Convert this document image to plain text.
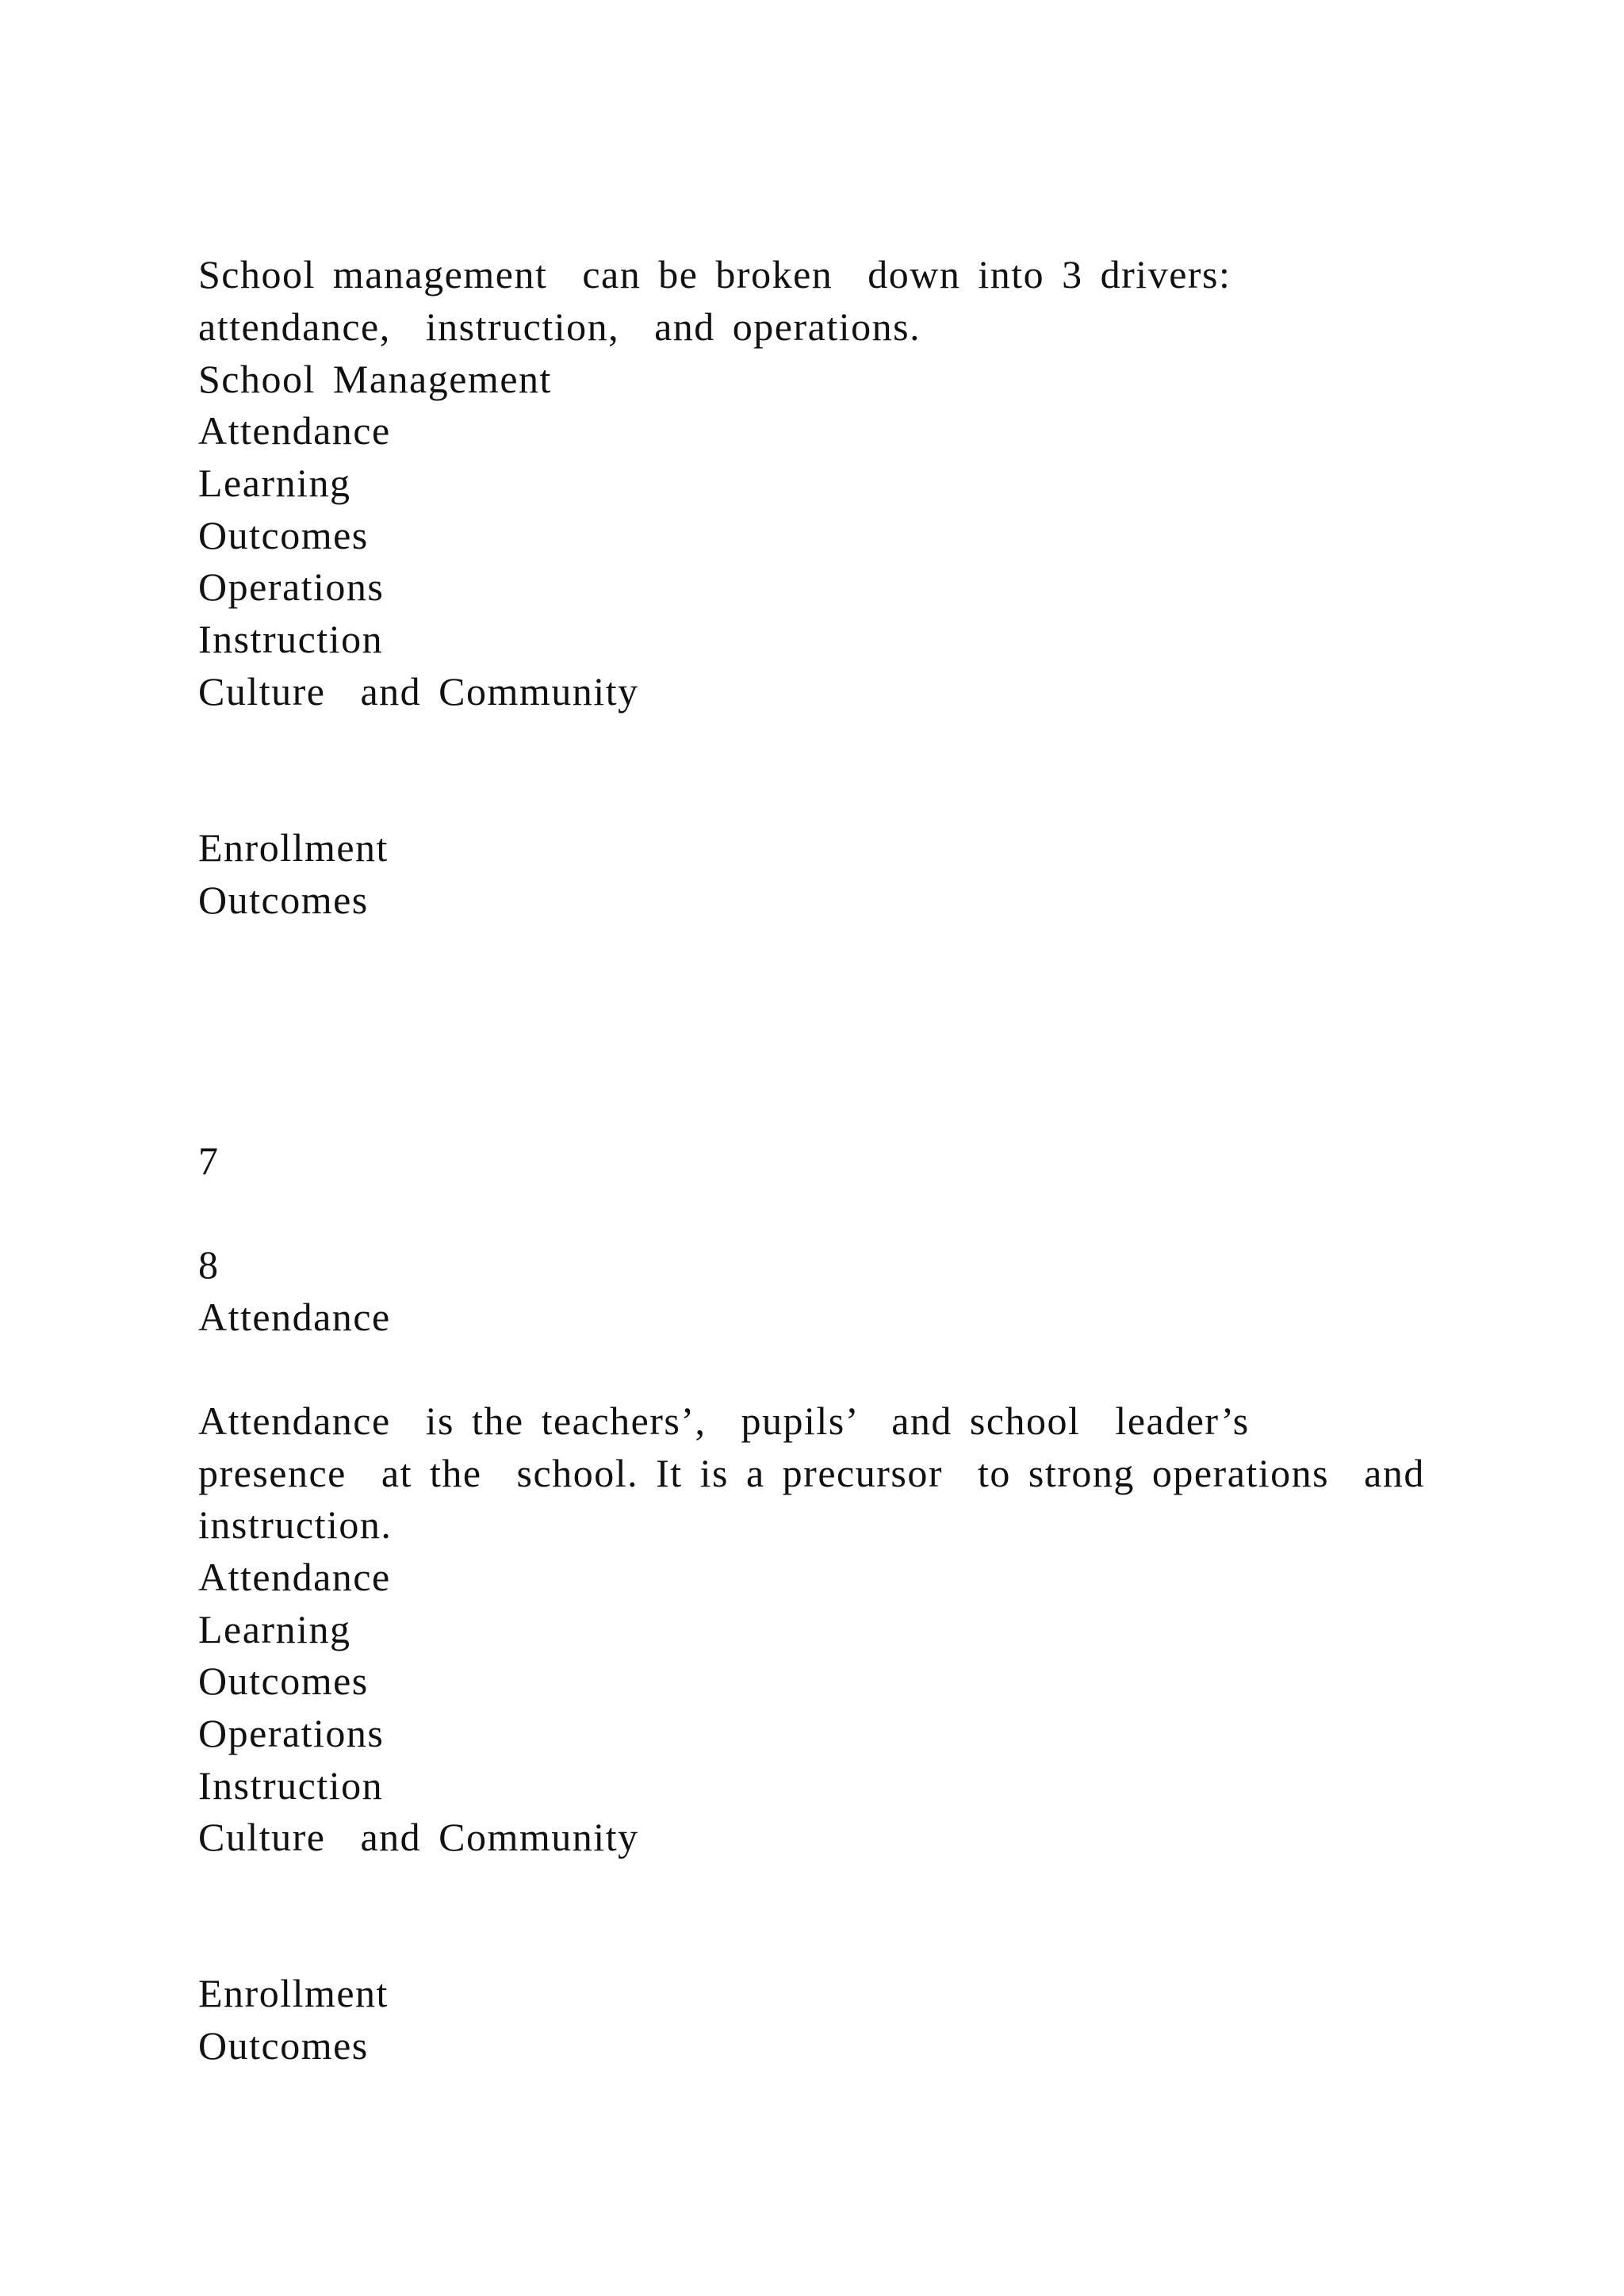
School management  can be broken  down into 3 drivers:
attendance,  instruction,  and operations.
School Management
Attendance
Learning
Outcomes
Operations
Instruction
Culture  and Community
Enrollment
Outcomes
7
8
Attendance
Attendance  is the teachers’,  pupils’  and school  leader’s
presence  at the  school. It is a precursor  to strong operations  and
instruction.
Attendance
Learning
Outcomes
Operations
Instruction
Culture  and Community
Enrollment
Outcomes
